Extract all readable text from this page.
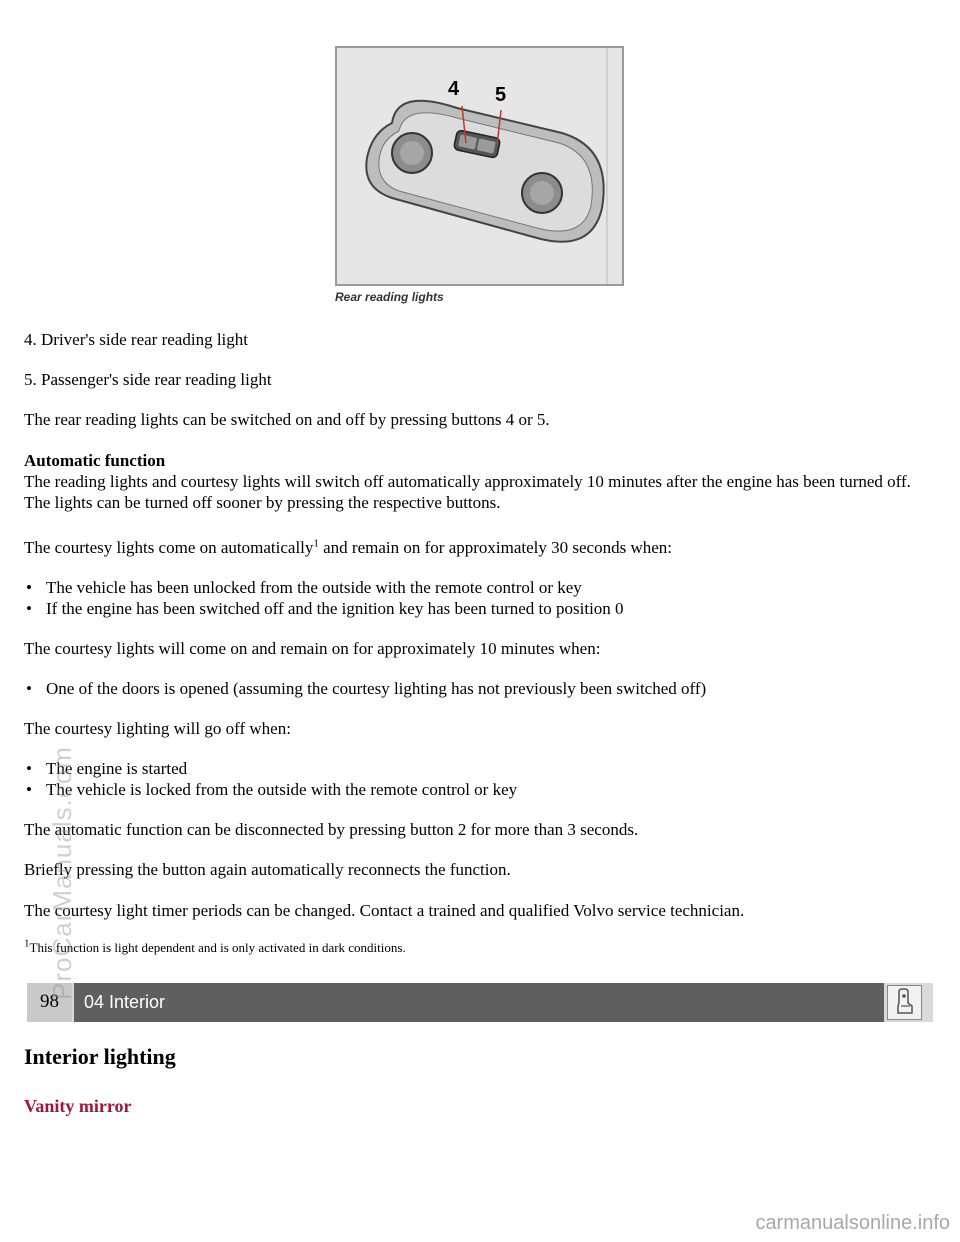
4 5
Rear reading lights

4. Driver's side rear reading light

5. Passenger's side rear reading light

The rear reading lights can be switched on and off by pressing buttons 4 or 5.

Automatic function

The reading lights and courtesy lights will switch off automatically approximately 10 minutes after the engine has been turned off. The lights can be turned off sooner by pressing the respective buttons.

The courtesy lights come on automatically$^1$ and remain on for approximately 30 seconds when:

• The vehicle has been unlocked from the outside with the remote control or key
• If the engine has been switched off and the ignition key has been turned to position 0

The courtesy lights will come on and remain on for approximately 10 minutes when:

• One of the doors is opened (assuming the courtesy lighting has not previously been switched off)

The courtesy lighting will go off when:

• The engine is started
• The vehicle is locked from the outside with the remote control or key

The automatic function can be disconnected by pressing button 2 for more than 3 seconds.

Briefly pressing the button again automatically reconnects the function.

The courtesy light timer periods can be changed. Contact a trained and qualified Volvo service technician.

$^1$This function is light dependent and is only activated in dark conditions.
98	04 Interior
Interior lighting
Vanity mirror
ProCarManuals.com
carmanualsonline.info
